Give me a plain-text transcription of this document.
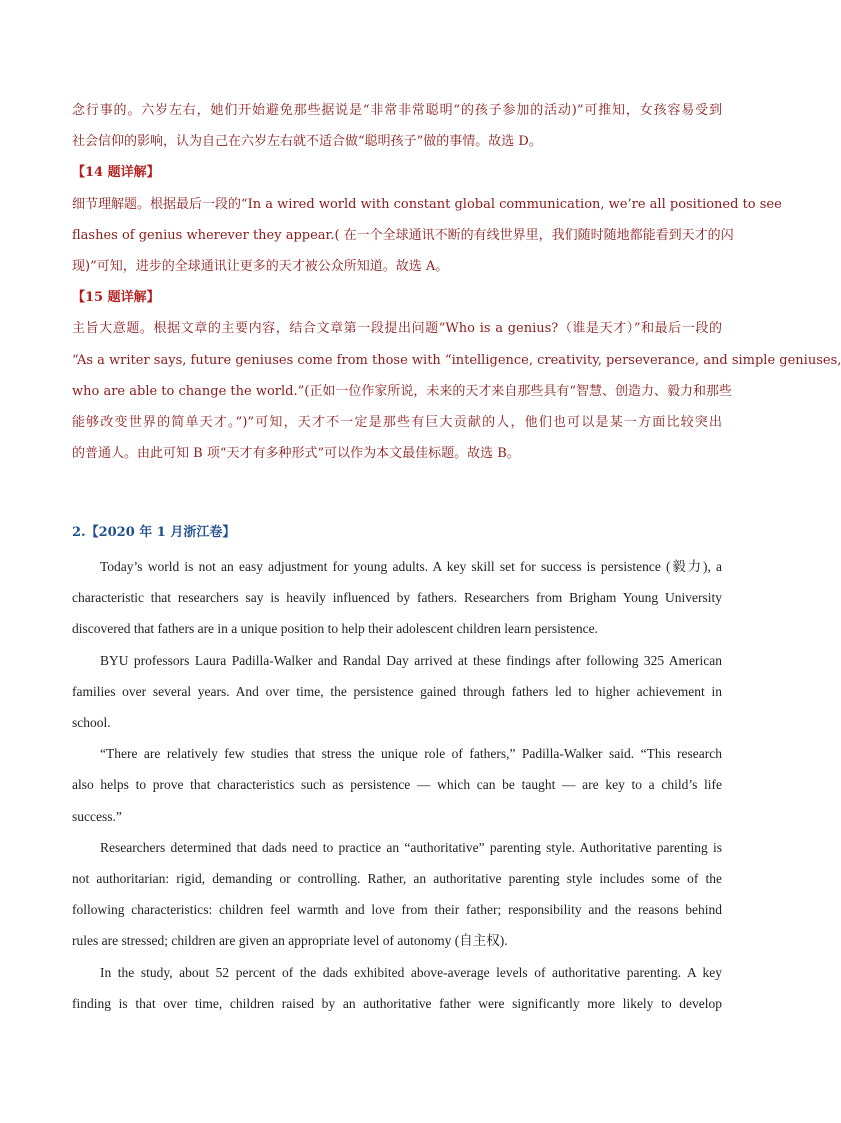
念行事的。六岁左右，她们开始避免那些据说是“非常非常聪明”的孩子参加的活动)”可推知，女孩容易受到
社会信仰的影响，认为自己在六岁左右就不适合做“聪明孩子”做的事情。故选 D。
【14 题详解】
细节理解题。根据最后一段的“In a wired world with constant global communication, we’re all positioned to see
flashes of genius wherever they appear.( 在一个全球通讯不断的有线世界里，我们随时随地都能看到天才的闪
现)”可知，进步的全球通讯让更多的天才被公众所知道。故选 A。
【15 题详解】
主旨大意题。根据文章的主要内容，结合文章第一段提出问题“Who is a genius?（谁是天才）”和最后一段的
“As a writer says, future geniuses come from those with “intelligence, creativity, perseverance, and simple geniuses,
who are able to change the world.”(正如一位作家所说，未来的天才来自那些具有“智慧、创造力、毅力和那些
能够改变世界的简单天才。”)”可知，天才不一定是那些有巨大贡献的人，他们也可以是某一方面比较突出
的普通人。由此可知 B 项“天才有多种形式”可以作为本文最佳标题。故选 B。
2.【2020 年 1 月浙江卷】
Today’s world is not an easy adjustment for young adults. A key skill set for success is persistence (毅力), a
characteristic that researchers say is heavily influenced by fathers. Researchers from Brigham Young University
discovered that fathers are in a unique position to help their adolescent children learn persistence.
BYU professors Laura Padilla-Walker and Randal Day arrived at these findings after following 325 American
families over several years. And over time, the persistence gained through fathers led to higher achievement in
school.
“There are relatively few studies that stress the unique role of fathers,” Padilla-Walker said. “This research
also helps to prove that characteristics such as persistence — which can be taught — are key to a child’s life
success.”
Researchers determined that dads need to practice an “authoritative” parenting style. Authoritative parenting is
not authoritarian: rigid, demanding or controlling. Rather, an authoritative parenting style includes some of the
following characteristics: children feel warmth and love from their father; responsibility and the reasons behind
rules are stressed; children are given an appropriate level of autonomy (自主权).
In the study, about 52 percent of the dads exhibited above-average levels of authoritative parenting. A key
finding is that over time, children raised by an authoritative father were significantly more likely to develop
